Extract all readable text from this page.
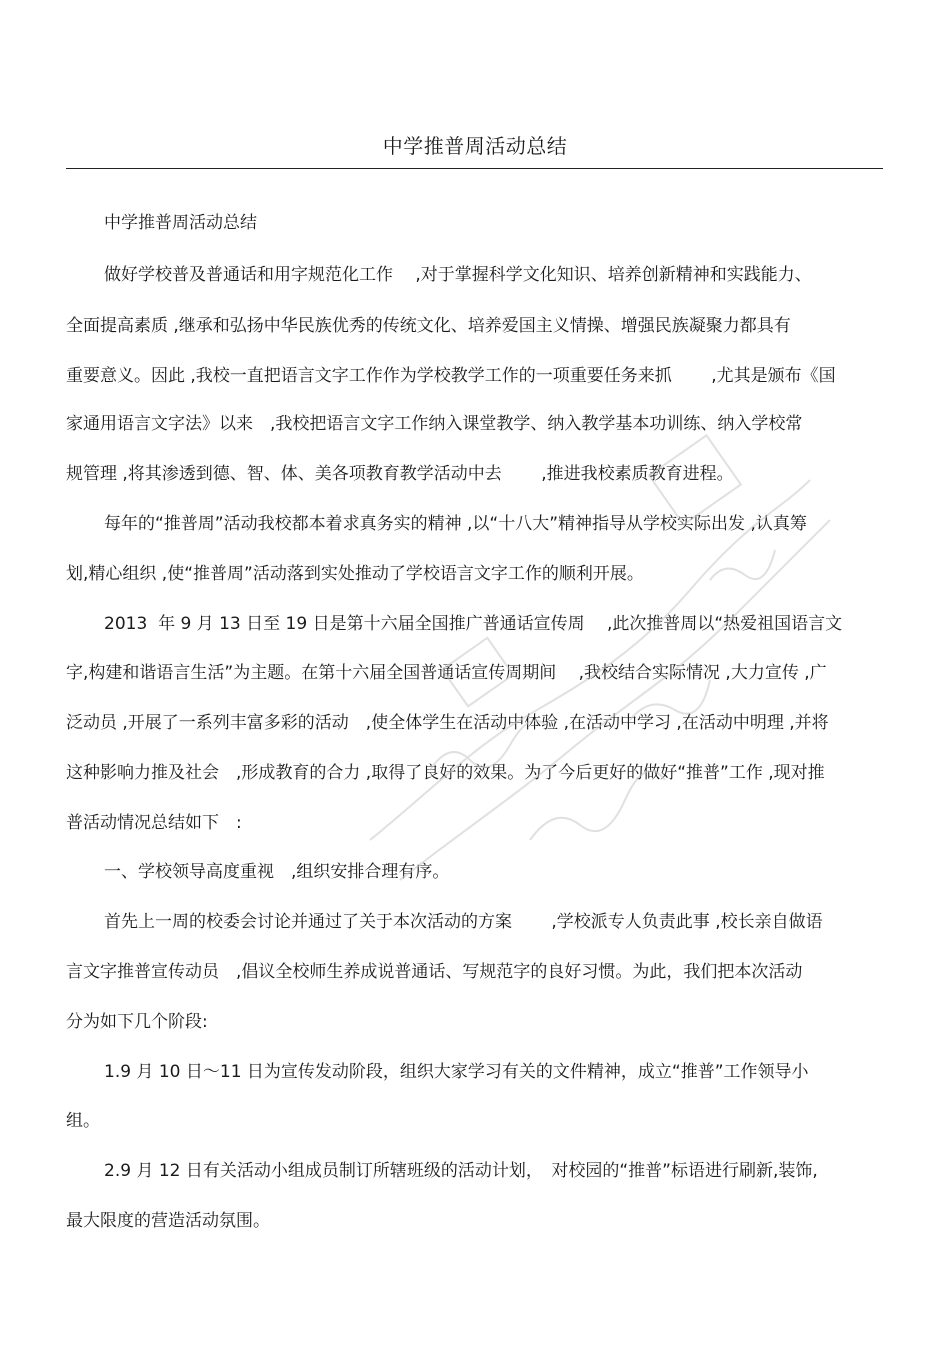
中学推普周活动总结
中学推普周活动总结
做好学校普及普通话和用字规范化工作　 ,对于掌握科学文化知识、培养创新精神和实践能力、
全面提高素质 ,继承和弘扬中华民族优秀的传统文化、培养爱国主义情操、增强民族凝聚力都具有
重要意义。因此 ,我校一直把语言文字工作作为学校教学工作的一项重要任务来抓　　 ,尤其是颁布《国
家通用语言文字法》以来　,我校把语言文字工作纳入课堂教学、纳入教学基本功训练、纳入学校常
规管理 ,将其渗透到德、智、体、美各项教育教学活动中去　　 ,推进我校素质教育进程。
每年的“推普周”活动我校都本着求真务实的精神 ,以“十八大”精神指导从学校实际出发 ,认真筹
划,精心组织 ,使“推普周”活动落到实处推动了学校语言文字工作的顺利开展。
2013  年 9 月 13 日至 19 日是第十六届全国推广普通话宣传周　 ,此次推普周以“热爱祖国语言文
字,构建和谐语言生活”为主题。在第十六届全国普通话宣传周期间　 ,我校结合实际情况 ,大力宣传 ,广
泛动员 ,开展了一系列丰富多彩的活动　,使全体学生在活动中体验 ,在活动中学习 ,在活动中明理 ,并将
这种影响力推及社会　,形成教育的合力 ,取得了良好的效果。为了今后更好的做好“推普”工作 ,现对推
普活动情况总结如下　:
一、学校领导高度重视　,组织安排合理有序。
首先上一周的校委会讨论并通过了关于本次活动的方案　　 ,学校派专人负责此事 ,校长亲自做语
言文字推普宣传动员　,倡议全校师生养成说普通话、写规范字的良好习惯。为此，我们把本次活动
分为如下几个阶段:
1.9 月 10 日～11 日为宣传发动阶段，组织大家学习有关的文件精神，成立“推普”工作领导小
组。
2.9 月 12 日有关活动小组成员制订所辖班级的活动计划，　对校园的“推普”标语进行刷新,装饰,
最大限度的营造活动氛围。
